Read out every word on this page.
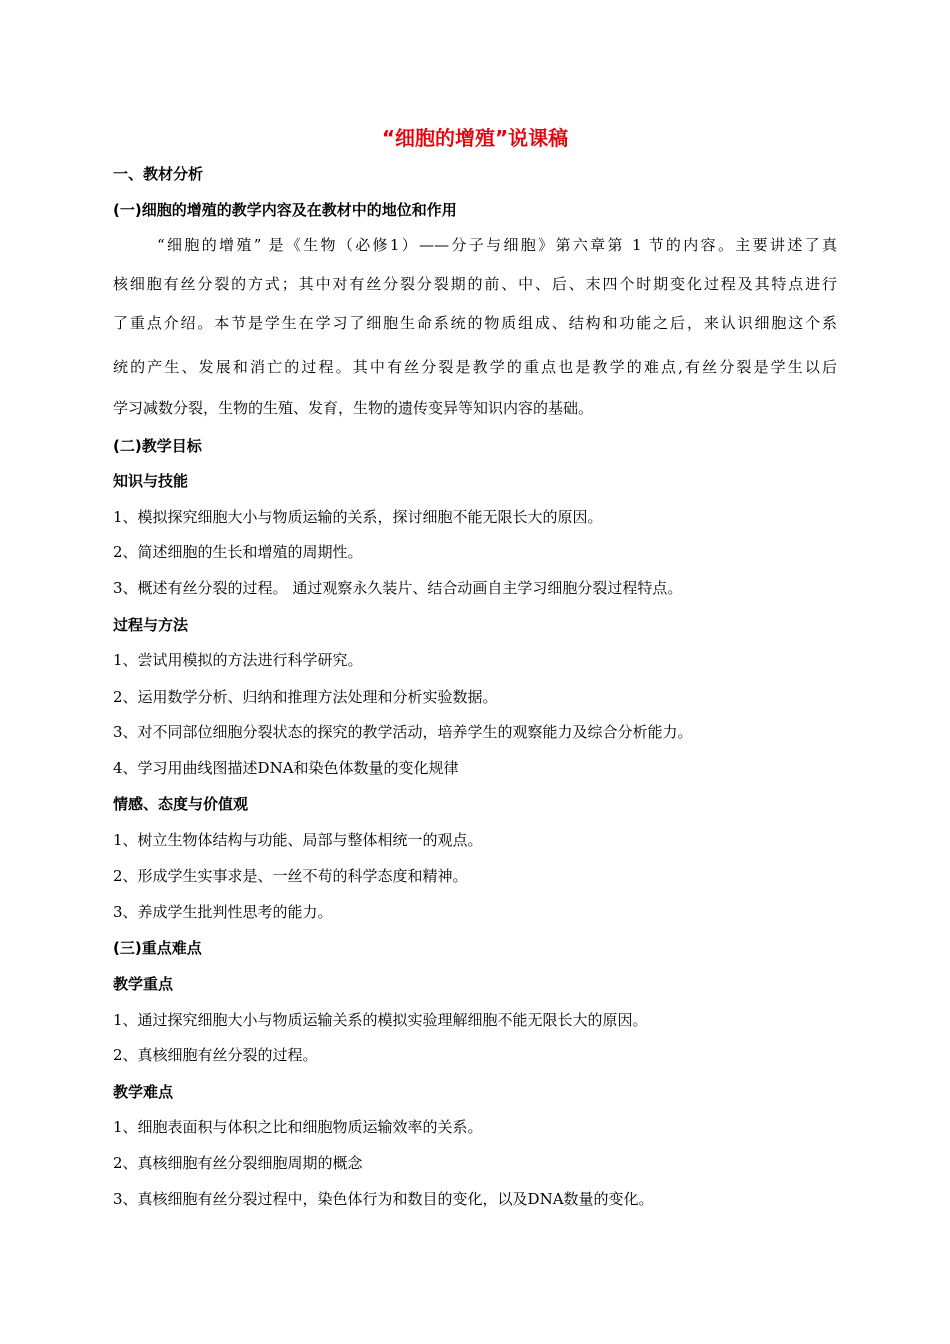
“细胞的增殖”说课稿
一、教材分析
(一)细胞的增殖的教学内容及在教材中的地位和作用
“细胞的增殖” 是《生物（必修1）——分子与细胞》第六章第 1 节的内容。主要讲述了真
核细胞有丝分裂的方式；其中对有丝分裂分裂期的前、中、后、末四个时期变化过程及其特点进行
了重点介绍。本节是学生在学习了细胞生命系统的物质组成、结构和功能之后，来认识细胞这个系
统的产生、发展和消亡的过程。其中有丝分裂是教学的重点也是教学的难点,有丝分裂是学生以后
学习减数分裂，生物的生殖、发育，生物的遗传变异等知识内容的基础。
(二)教学目标
知识与技能
1、模拟探究细胞大小与物质运输的关系，探讨细胞不能无限长大的原因。
2、简述细胞的生长和增殖的周期性。
3、概述有丝分裂的过程。 通过观察永久装片、结合动画自主学习细胞分裂过程特点。
过程与方法
1、尝试用模拟的方法进行科学研究。
2、运用数学分析、归纳和推理方法处理和分析实验数据。
3、对不同部位细胞分裂状态的探究的教学活动，培养学生的观察能力及综合分析能力。
4、学习用曲线图描述DNA和染色体数量的变化规律
情感、态度与价值观
1、树立生物体结构与功能、局部与整体相统一的观点。
2、形成学生实事求是、一丝不苟的科学态度和精神。
3、养成学生批判性思考的能力。
(三)重点难点
教学重点
1、通过探究细胞大小与物质运输关系的模拟实验理解细胞不能无限长大的原因。
2、真核细胞有丝分裂的过程。
教学难点
1、细胞表面积与体积之比和细胞物质运输效率的关系。
2、真核细胞有丝分裂细胞周期的概念
3、真核细胞有丝分裂过程中，染色体行为和数目的变化，以及DNA数量的变化。
